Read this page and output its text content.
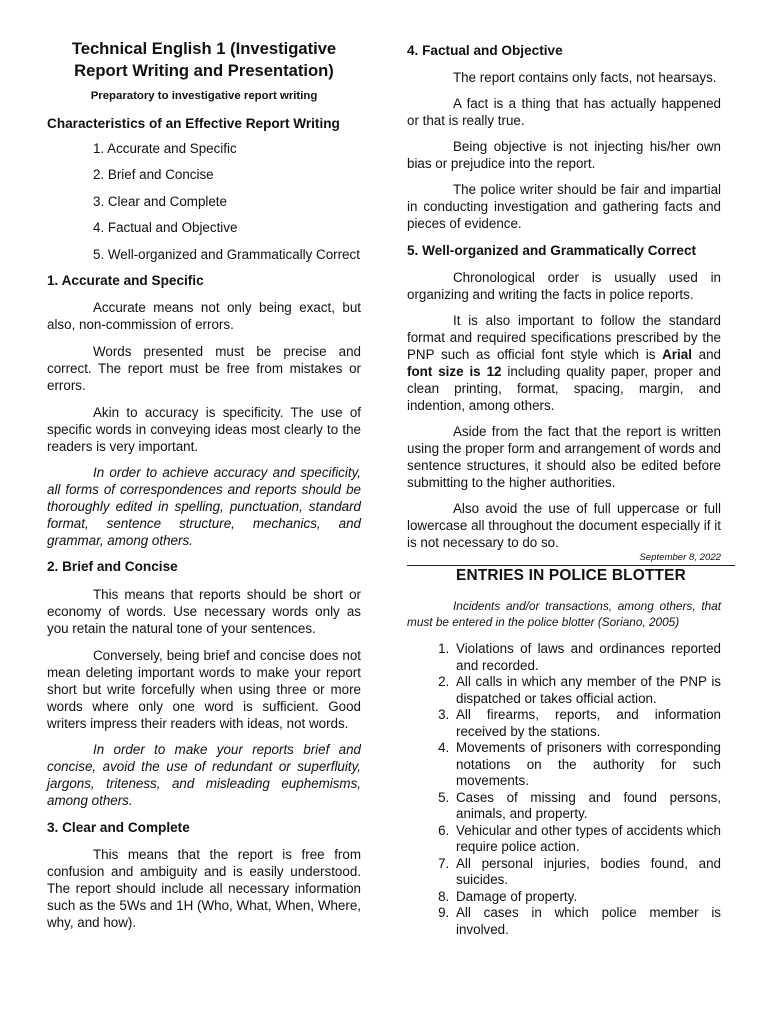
Technical English 1 (Investigative Report Writing and Presentation)
Preparatory to investigative report writing
Characteristics of an Effective Report Writing
1. Accurate and Specific
2. Brief and Concise
3. Clear and Complete
4. Factual and Objective
5. Well-organized and Grammatically Correct
1. Accurate and Specific

Accurate means not only being exact, but also, non-commission of errors.

Words presented must be precise and correct. The report must be free from mistakes or errors.

Akin to accuracy is specificity. The use of specific words in conveying ideas most clearly to the readers is very important.

In order to achieve accuracy and specificity, all forms of correspondences and reports should be thoroughly edited in spelling, punctuation, standard format, sentence structure, mechanics, and grammar, among others.

2. Brief and Concise

This means that reports should be short or economy of words. Use necessary words only as you retain the natural tone of your sentences.

Conversely, being brief and concise does not mean deleting important words to make your report short but write forcefully when using three or more words where only one word is sufficient. Good writers impress their readers with ideas, not words.

In order to make your reports brief and concise, avoid the use of redundant or superfluity, jargons, triteness, and misleading euphemisms, among others.

3. Clear and Complete

This means that the report is free from confusion and ambiguity and is easily understood. The report should include all necessary information such as the 5Ws and 1H (Who, What, When, Where, why, and how).

4. Factual and Objective

The report contains only facts, not hearsays.

A fact is a thing that has actually happened or that is really true.

Being objective is not injecting his/her own bias or prejudice into the report.

The police writer should be fair and impartial in conducting investigation and gathering facts and pieces of evidence.

5. Well-organized and Grammatically Correct

Chronological order is usually used in organizing and writing the facts in police reports.

It is also important to follow the standard format and required specifications prescribed by the PNP such as official font style which is Arial and font size is 12 including quality paper, proper and clean printing, format, spacing, margin, and indention, among others.

Aside from the fact that the report is written using the proper form and arrangement of words and sentence structures, it should also be edited before submitting to the higher authorities.

Also avoid the use of full uppercase or full lowercase all throughout the document especially if it is not necessary to do so.

September 8, 2022
ENTRIES IN POLICE BLOTTER
Incidents and/or transactions, among others, that must be entered in the police blotter (Soriano, 2005)
1. Violations of laws and ordinances reported and recorded.
2. All calls in which any member of the PNP is dispatched or takes official action.
3. All firearms, reports, and information received by the stations.
4. Movements of prisoners with corresponding notations on the authority for such movements.
5. Cases of missing and found persons, animals, and property.
6. Vehicular and other types of accidents which require police action.
7. All personal injuries, bodies found, and suicides.
8. Damage of property.
9. All cases in which police member is involved.
